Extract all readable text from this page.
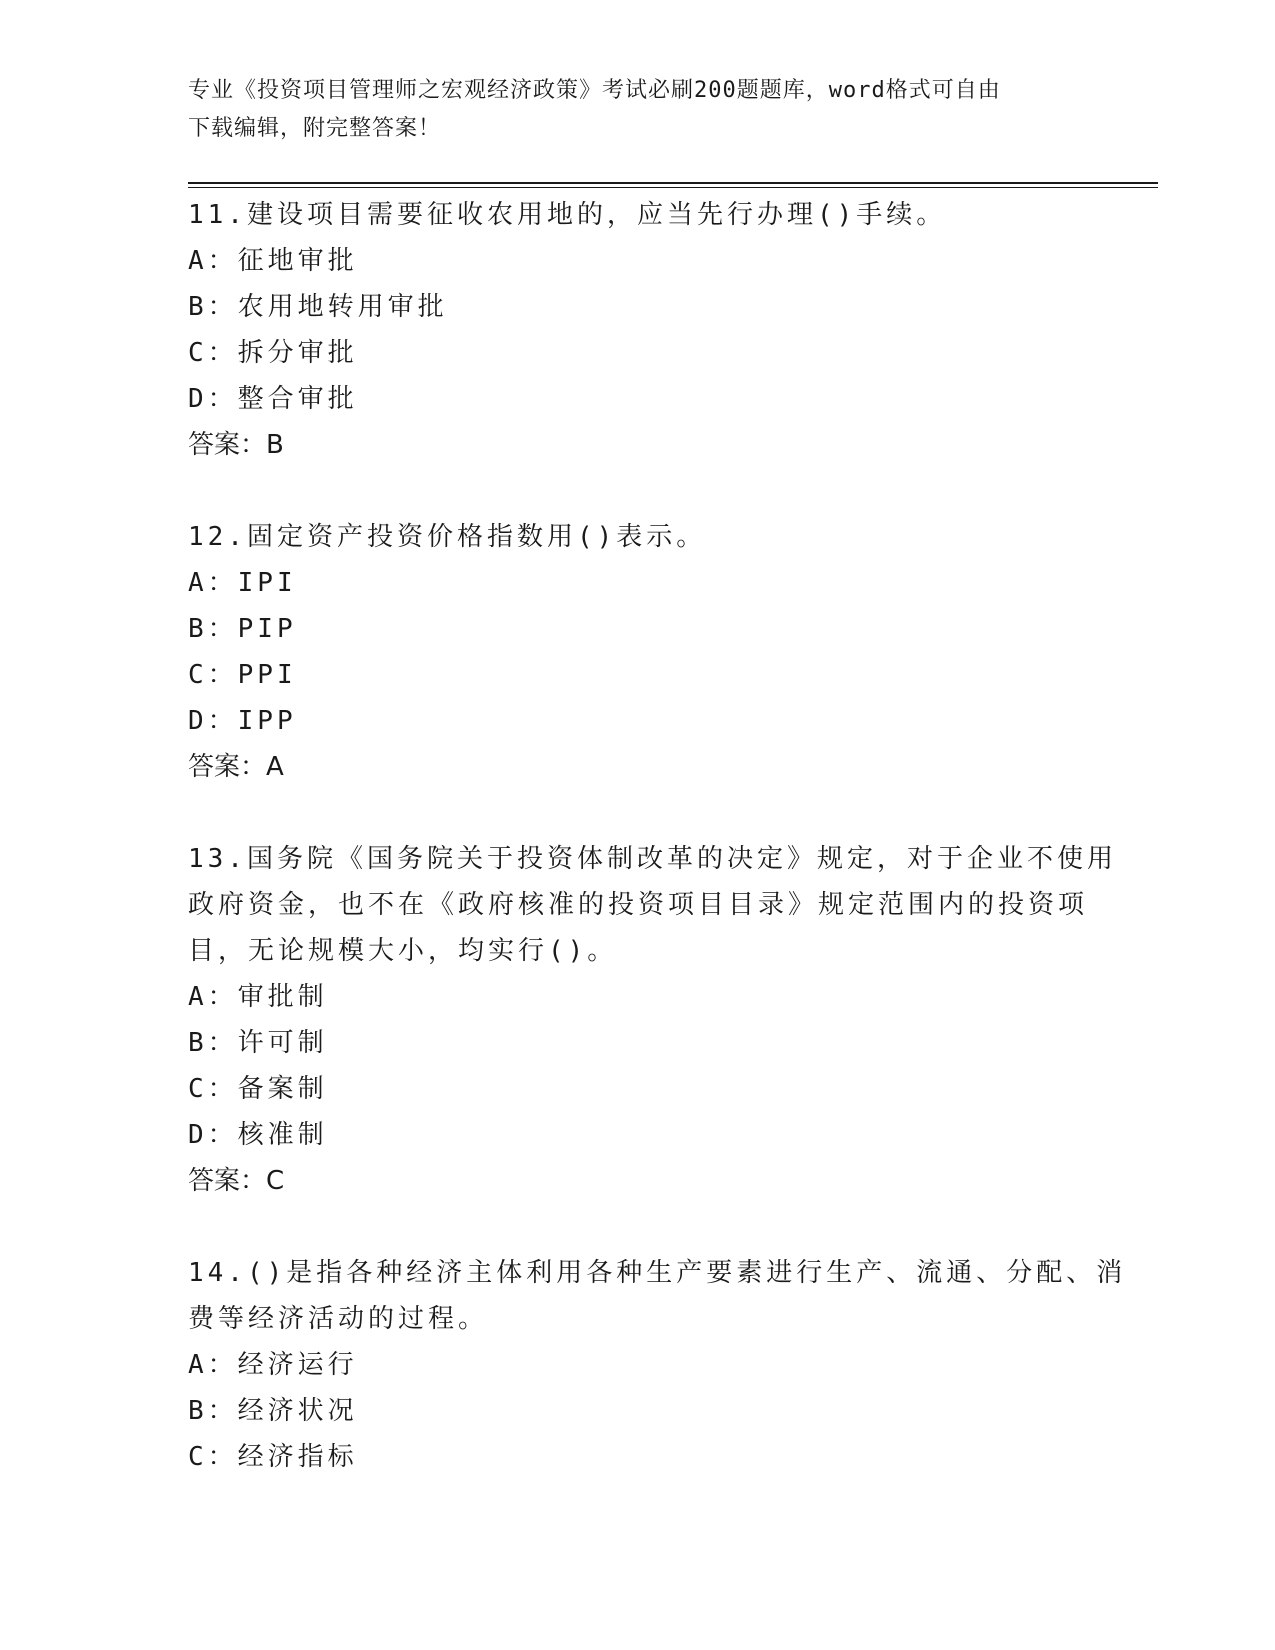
专业《投资项目管理师之宏观经济政策》考试必刷200题题库，word格式可自由

下载编辑，附完整答案！

11.建设项目需要征收农用地的，应当先行办理()手续。

A：征地审批

B：农用地转用审批

C：拆分审批

D：整合审批

答案：B

12.固定资产投资价格指数用()表示。

A：IPI

B：PIP

C：PPI

D：IPP

答案：A

13.国务院《国务院关于投资体制改革的决定》规定，对于企业不使用

政府资金，也不在《政府核准的投资项目目录》规定范围内的投资项

目，无论规模大小，均实行()。

A：审批制

B：许可制

C：备案制

D：核准制

答案：C

14.()是指各种经济主体利用各种生产要素进行生产、流通、分配、消

费等经济活动的过程。

A：经济运行

B：经济状况

C：经济指标
